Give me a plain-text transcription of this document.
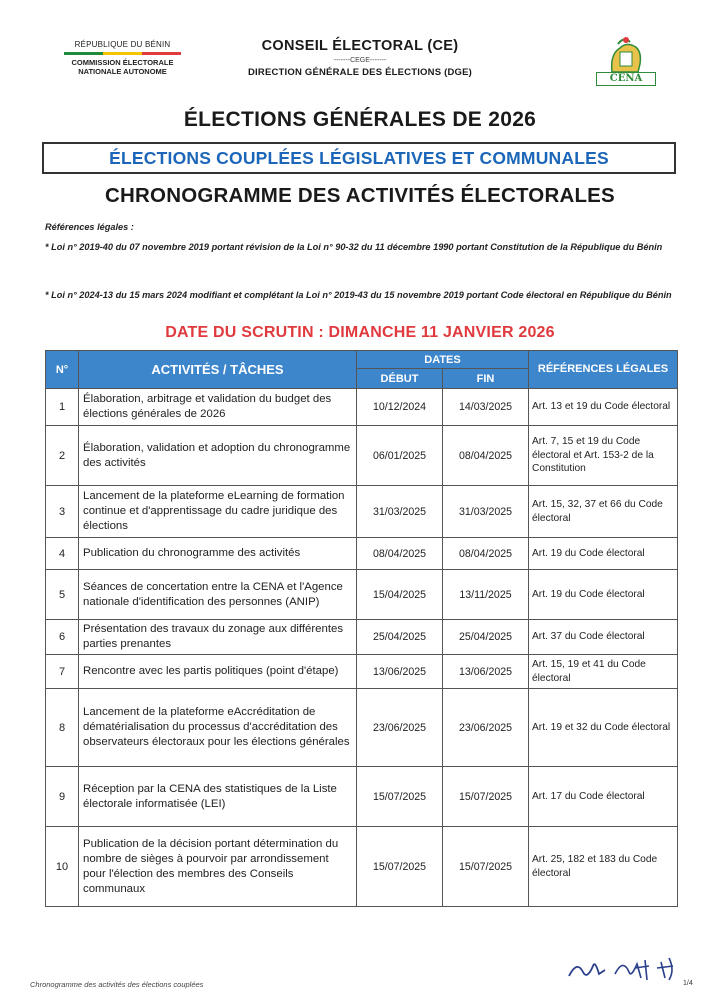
RÉPUBLIQUE DU BÉNIN
COMMISSION ÉLECTORALE NATIONALE AUTONOME
CONSEIL ÉLECTORAL (CE)
-------CEGE-------
DIRECTION GÉNÉRALE DES ÉLECTIONS (DGE)
CENA
ÉLECTIONS GÉNÉRALES DE 2026
ÉLECTIONS COUPLÉES LÉGISLATIVES ET COMMUNALES
CHRONOGRAMME DES ACTIVITÉS ÉLECTORALES
Références légales :
* Loi n° 2019-40 du 07 novembre 2019 portant révision de la Loi n° 90-32 du 11 décembre 1990 portant Constitution de la République du Bénin
* Loi n° 2024-13 du 15 mars 2024 modifiant et complétant la Loi n° 2019-43 du 15 novembre 2019 portant Code électoral en République du Bénin
DATE DU SCRUTIN : DIMANCHE 11 JANVIER 2026
N°	ACTIVITÉS / TÂCHES	DATES		RÉFÉRENCES LÉGALES
		DÉBUT	FIN	
1	Élaboration, arbitrage et validation du budget des élections générales de 2026	10/12/2024	14/03/2025	Art. 13 et 19 du Code électoral
2	Élaboration, validation et adoption du chronogramme des activités	06/01/2025	08/04/2025	Art. 7, 15 et 19 du Code électoral et Art. 153-2 de la Constitution
3	Lancement de la plateforme eLearning de formation continue et d'apprentissage du cadre juridique des élections	31/03/2025	31/03/2025	Art. 15, 32, 37 et 66 du Code électoral
4	Publication du chronogramme des activités	08/04/2025	08/04/2025	Art. 19 du Code électoral
5	Séances de concertation entre la CENA et l'Agence nationale d'identification des personnes (ANIP)	15/04/2025	13/11/2025	Art. 19 du Code électoral
6	Présentation des travaux du zonage aux différentes parties prenantes	25/04/2025	25/04/2025	Art. 37 du Code électoral
7	Rencontre avec les partis politiques (point d'étape)	13/06/2025	13/06/2025	Art. 15, 19 et 41 du Code électoral
8	Lancement de la plateforme eAccréditation de dématérialisation du processus d'accréditation des observateurs électoraux pour les élections générales	23/06/2025	23/06/2025	Art. 19 et 32 du Code électoral
9	Réception par la CENA des statistiques de la Liste électorale informatisée (LEI)	15/07/2025	15/07/2025	Art. 17 du Code électoral
10	Publication de la décision portant détermination du nombre de sièges à pourvoir par arrondissement pour l'élection des membres des Conseils communaux	15/07/2025	15/07/2025	Art. 25, 182 et 183 du Code électoral
1/4
Chronogramme des activités des élections couplées
